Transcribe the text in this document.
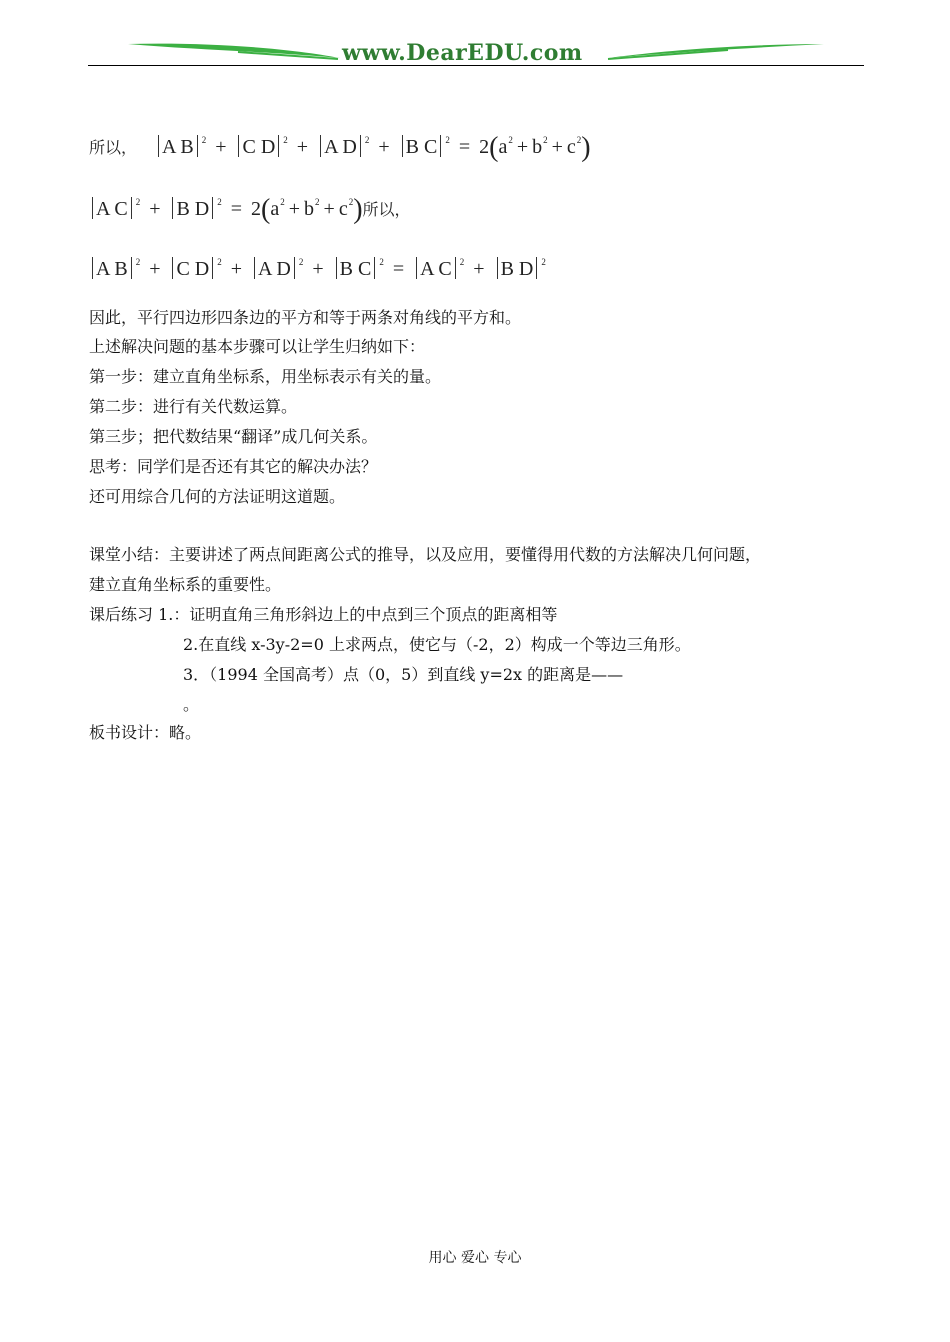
www.DearEDU.com
所以， A B $^2$ + C D $^2$ + A D $^2$ + B C $^2 = 2(a^2 + b^2 + c^2)$
A C $^2$ + B D $^2 = 2(a^2 + b^2 + c^2)$所以，
A B $^2$ + C D $^2$ + A D $^2$ + B C $^2$ = A C $^2$ + B D $^2$
因此，平行四边形四条边的平方和等于两条对角线的平方和。
上述解决问题的基本步骤可以让学生归纳如下：
第一步：建立直角坐标系，用坐标表示有关的量。
第二步：进行有关代数运算。
第三步；把代数结果“翻译”成几何关系。
思考：同学们是否还有其它的解决办法？
还可用综合几何的方法证明这道题。
课堂小结：主要讲述了两点间距离公式的推导，以及应用，要懂得用代数的方法解决几何问题，
建立直角坐标系的重要性。
课后练习 1.：证明直角三角形斜边上的中点到三个顶点的距离相等
2.在直线 x-3y-2=0 上求两点，使它与（-2，2）构成一个等边三角形。
3．（1994 全国高考）点（0，5）到直线 y=2x 的距离是——
。
板书设计：略。
用心 爱心 专心
